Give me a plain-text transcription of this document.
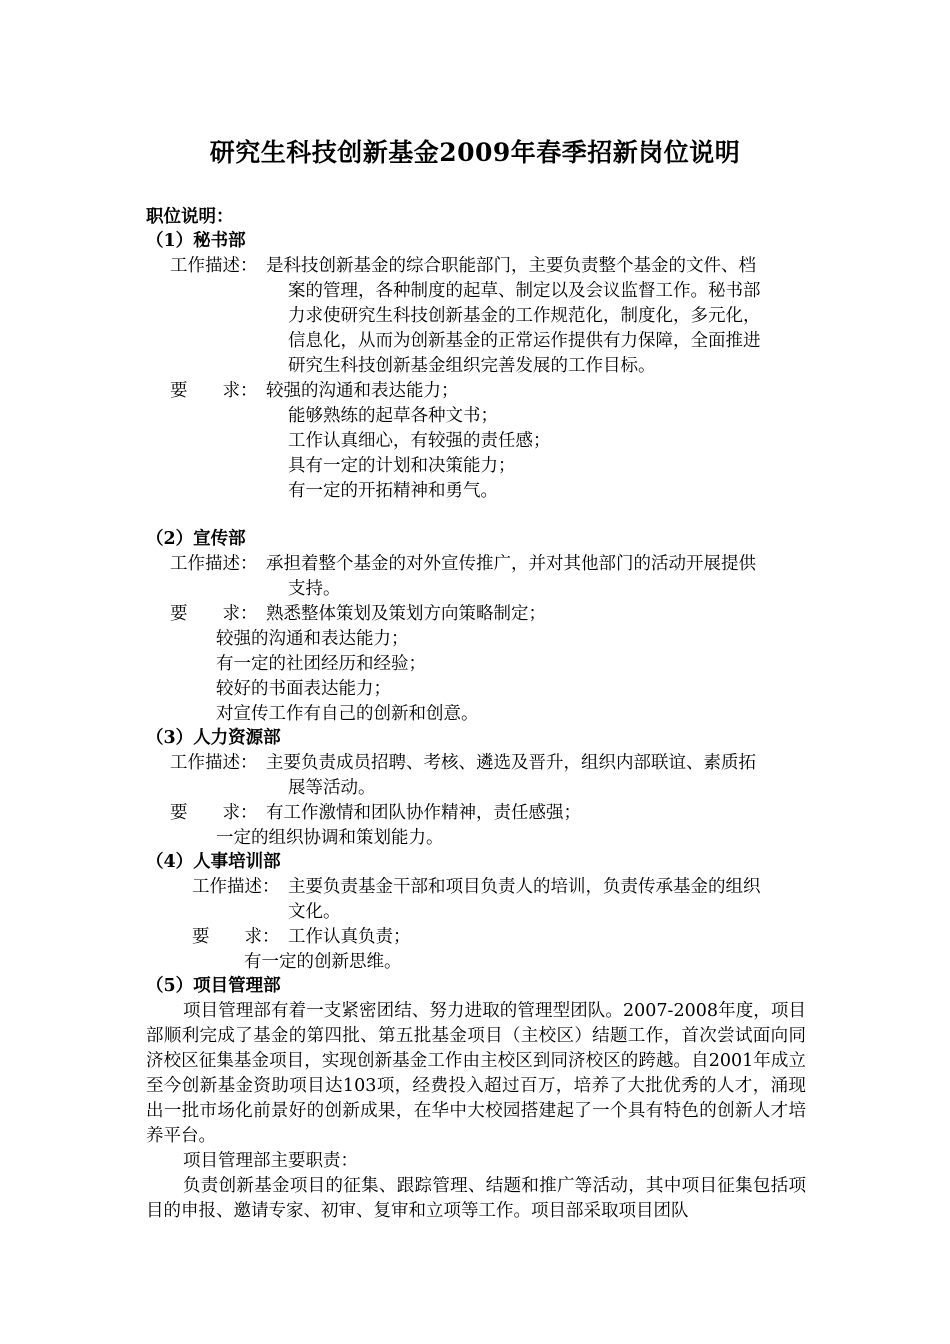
研究生科技创新基金2009年春季招新岗位说明
职位说明：
（1）秘书部
工作描述： 是科技创新基金的综合职能部门，主要负责整个基金的文件、档
案的管理，各种制度的起草、制定以及会议监督工作。秘书部
力求使研究生科技创新基金的工作规范化，制度化，多元化，
信息化，从而为创新基金的正常运作提供有力保障，全面推进
研究生科技创新基金组织完善发展的工作目标。
要　　求： 较强的沟通和表达能力；
能够熟练的起草各种文书；
工作认真细心，有较强的责任感；
具有一定的计划和决策能力；
有一定的开拓精神和勇气。
（2）宣传部
工作描述： 承担着整个基金的对外宣传推广，并对其他部门的活动开展提供
支持。
要　　求： 熟悉整体策划及策划方向策略制定；
较强的沟通和表达能力；
有一定的社团经历和经验；
较好的书面表达能力；
对宣传工作有自己的创新和创意。
（3）人力资源部
工作描述： 主要负责成员招聘、考核、遴选及晋升，组织内部联谊、素质拓
展等活动。
要　　求： 有工作激情和团队协作精神，责任感强；
一定的组织协调和策划能力。
（4）人事培训部
工作描述： 主要负责基金干部和项目负责人的培训，负责传承基金的组织
文化。
要　　求： 工作认真负责；
有一定的创新思维。
（5）项目管理部
项目管理部有着一支紧密团结、努力进取的管理型团队。2007-2008年度，项目部顺利完成了基金的第四批、第五批基金项目（主校区）结题工作，首次尝试面向同济校区征集基金项目，实现创新基金工作由主校区到同济校区的跨越。自2001年成立至今创新基金资助项目达103项，经费投入超过百万，培养了大批优秀的人才，涌现出一批市场化前景好的创新成果，在华中大校园搭建起了一个具有特色的创新人才培养平台。
项目管理部主要职责：
负责创新基金项目的征集、跟踪管理、结题和推广等活动，其中项目征集包括项目的申报、邀请专家、初审、复审和立项等工作。项目部采取项目团队
